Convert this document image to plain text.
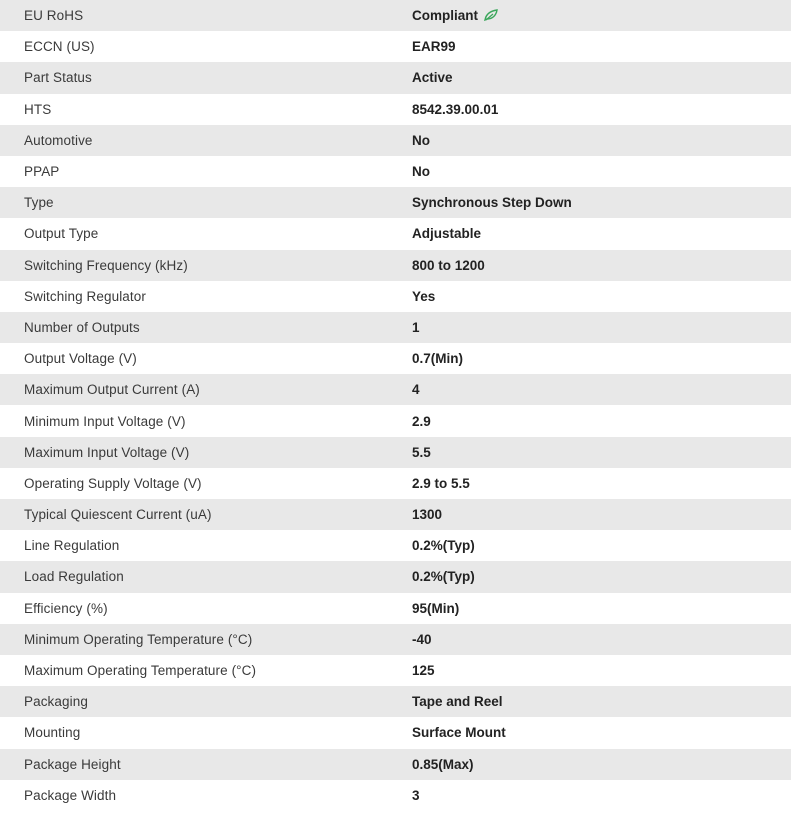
EU RoHS	Compliant
ECCN (US)	EAR99
Part Status	Active
HTS	8542.39.00.01
Automotive	No
PPAP	No
Type	Synchronous Step Down
Output Type	Adjustable
Switching Frequency (kHz)	800 to 1200
Switching Regulator	Yes
Number of Outputs	1
Output Voltage (V)	0.7(Min)
Maximum Output Current (A)	4
Minimum Input Voltage (V)	2.9
Maximum Input Voltage (V)	5.5
Operating Supply Voltage (V)	2.9 to 5.5
Typical Quiescent Current (uA)	1300
Line Regulation	0.2%(Typ)
Load Regulation	0.2%(Typ)
Efficiency (%)	95(Min)
Minimum Operating Temperature (°C)	-40
Maximum Operating Temperature (°C)	125
Packaging	Tape and Reel
Mounting	Surface Mount
Package Height	0.85(Max)
Package Width	3
